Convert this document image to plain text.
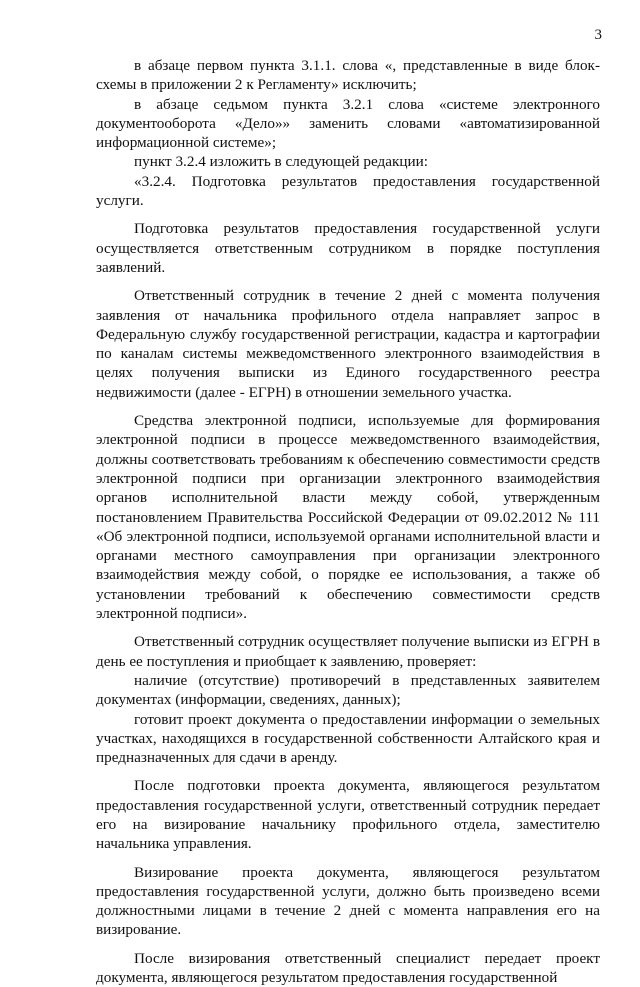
3

в абзаце первом пункта 3.1.1. слова «, представленные в виде блок-схемы в приложении 2 к Регламенту» исключить;

в абзаце седьмом пункта 3.2.1 слова «системе электронного документооборота «Дело»» заменить словами «автоматизированной информационной системе»;

пункт 3.2.4 изложить в следующей редакции:

«3.2.4. Подготовка результатов предоставления государственной услуги.

Подготовка результатов предоставления государственной услуги осуществляется ответственным сотрудником в порядке поступления заявлений.

Ответственный сотрудник в течение 2 дней с момента получения заявления от начальника профильного отдела направляет запрос в Федеральную службу государственной регистрации, кадастра и картографии по каналам системы межведомственного электронного взаимодействия в целях получения выписки из Единого государственного реестра недвижимости (далее - ЕГРН) в отношении земельного участка.

Средства электронной подписи, используемые для формирования электронной подписи в процессе межведомственного взаимодействия, должны соответствовать требованиям к обеспечению совместимости средств электронной подписи при организации электронного взаимодействия органов исполнительной власти между собой, утвержденным постановлением Правительства Российской Федерации от 09.02.2012 № 111 «Об электронной подписи, используемой органами исполнительной власти и органами местного самоуправления при организации электронного взаимодействия между собой, о порядке ее использования, а также об установлении требований к обеспечению совместимости средств электронной подписи».

Ответственный сотрудник осуществляет получение выписки из ЕГРН в день ее поступления и приобщает к заявлению, проверяет:

наличие (отсутствие) противоречий в представленных заявителем документах (информации, сведениях, данных);

готовит проект документа о предоставлении информации о земельных участках, находящихся в государственной собственности Алтайского края и предназначенных для сдачи в аренду.

После подготовки проекта документа, являющегося результатом предоставления государственной услуги, ответственный сотрудник передает его на визирование начальнику профильного отдела, заместителю начальника управления.

Визирование проекта документа, являющегося результатом предоставления государственной услуги, должно быть произведено всеми должностными лицами в течение 2 дней с момента направления его на визирование.

После визирования ответственный специалист передает проект документа, являющегося результатом предоставления государственной
